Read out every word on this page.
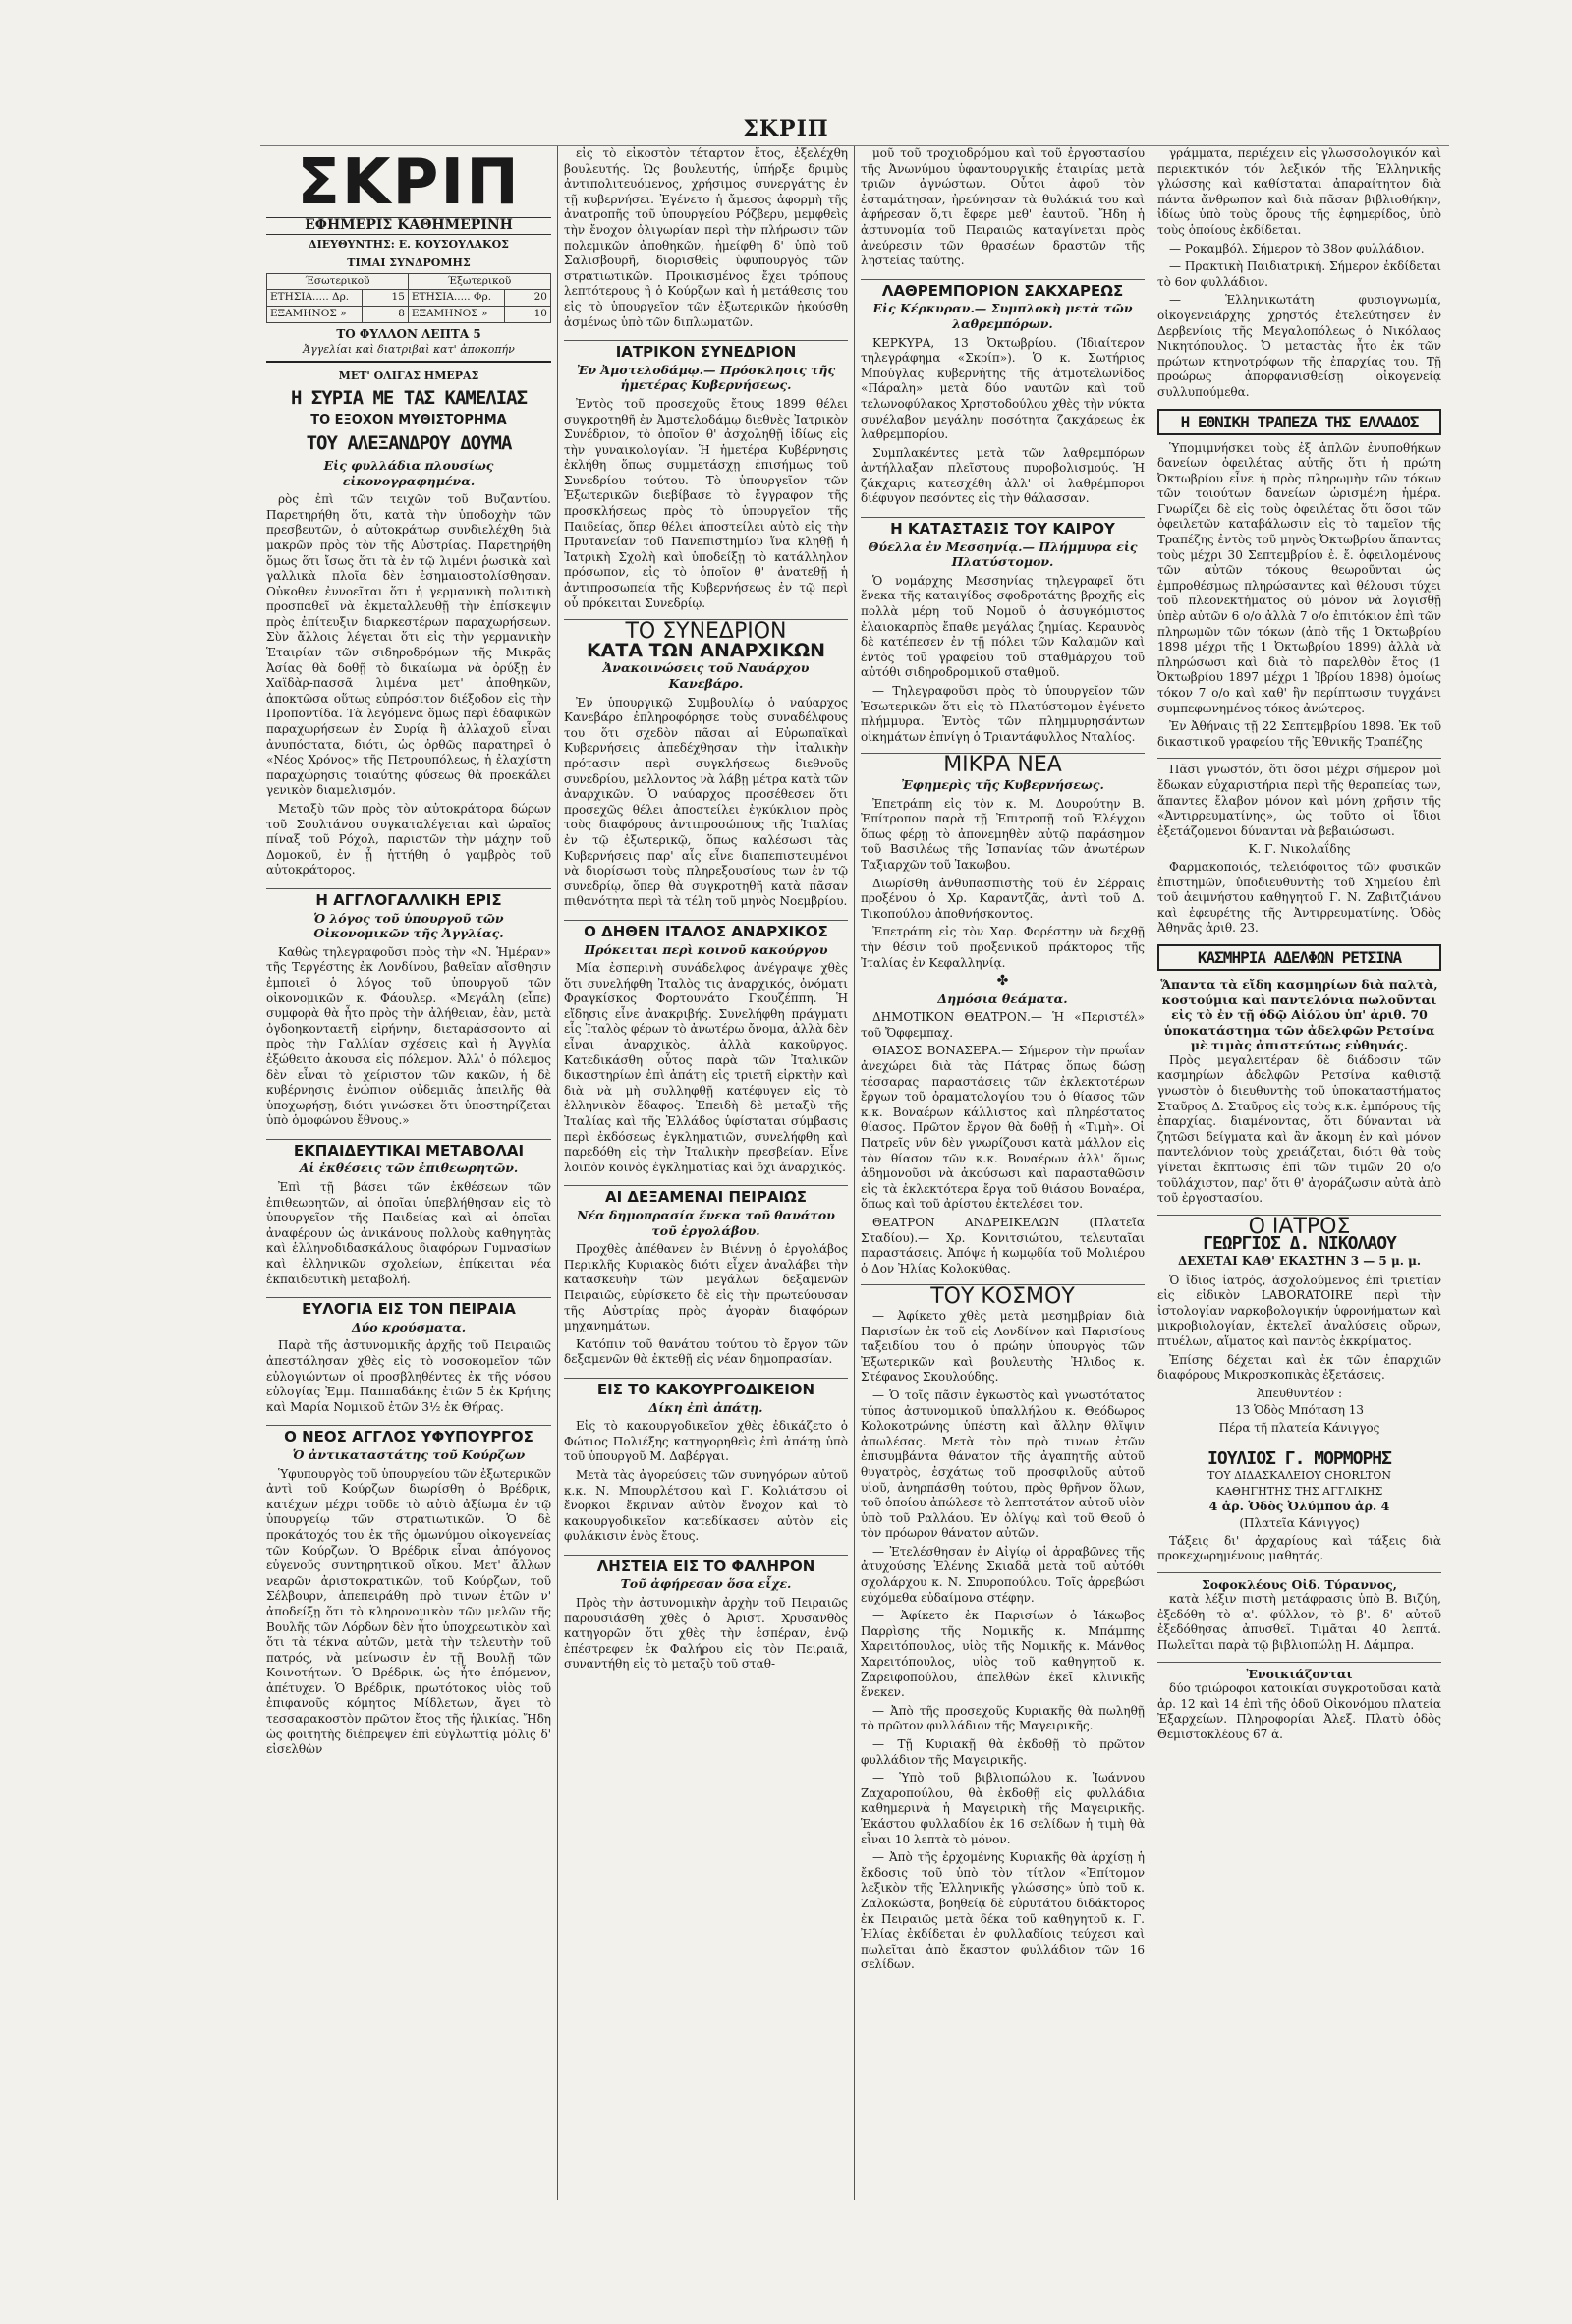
ΣΚΡΙΠ
ΣΚΡΙΠ
ΕΦΗΜΕΡΙΣ ΚΑΘΗΜΕΡΙΝΗ
ΔΙΕΥΘΥΝΤΗΣ: Ε. ΚΟΥΣΟΥΛΑΚΟΣ
ΤΙΜΑΙ ΣΥΝΔΡΟΜΗΣ
Έσωτερικοῦ		Έξωτερικοῦ	
ΕΤΗΣΙΑ..... Δρ.	15	ΕΤΗΣΙΑ..... Φρ.	20
ΕΞΑΜΗΝΟΣ »	8	ΕΞΑΜΗΝΟΣ »	10
ΤΟ ΦΥΛΛΟΝ ΛΕΠΤΑ 5
Ἀγγελίαι καὶ διατριβαὶ κατ' ἀποκοπήν
ΜΕΤ' ΟΛΙΓΑΣ ΗΜΕΡΑΣ
Η ΣΥΡΙΑ ΜΕ ΤΑΣ ΚΑΜΕΛΙΑΣ
ΤΟ ΕΞΟΧΟΝ ΜΥΘΙΣΤΟΡΗΜΑ
ΤΟΥ ΑΛΕΞΑΝΔΡΟΥ ΔΟΥΜΑ
Εἰς φυλλάδια πλουσίως εἰκονογραφημένα.

ρὸς ἐπὶ τῶν τειχῶν τοῦ Βυζαντίου. Παρετηρήθη ὅτι, κατὰ τὴν ὑποδοχὴν τῶν πρεσβευτῶν, ὁ αὐτοκράτωρ συνδιελέχθη διὰ μακρῶν πρὸς τὸν τῆς Αὐστρίας. Παρετηρήθη ὅμως ὅτι ἴσως ὅτι τὰ ἐν τῷ λιμένι ῥωσικὰ καὶ γαλλικὰ πλοῖα δὲν ἐσημαιοστολίσθησαν. Οὐκοθεν ἐννοεῖται ὅτι ἡ γερμανικὴ πολιτικὴ προσπαθεῖ νὰ ἐκμεταλλευθῇ τὴν ἐπίσκεψιν πρὸς ἐπίτευξιν διαρκεστέρων παραχωρήσεων. Σὺν ἄλλοις λέγεται ὅτι εἰς τὴν γερμανικὴν Ἑταιρίαν τῶν σιδηροδρόμων τῆς Μικρᾶς Ἀσίας θὰ δοθῇ τὸ δικαίωμα νὰ ὀρύξῃ ἐν Χαϊδὰρ-πασσᾶ λιμένα μετ' ἀποθηκῶν, ἀποκτῶσα οὕτως εὐπρόσιτον διέξοδον εἰς τὴν Προποντίδα. Τὰ λεγόμενα ὅμως περὶ ἐδαφικῶν παραχωρήσεων ἐν Συρίᾳ ἢ ἀλλαχοῦ εἶναι ἀνυπόστατα, διότι, ὡς ὀρθῶς παρατηρεῖ ὁ «Νέος Χρόνος» τῆς Πετρουπόλεως, ἡ ἐλαχίστη παραχώρησις τοιαύτης φύσεως θὰ προεκάλει γενικὸν διαμελισμόν.

Μεταξὺ τῶν πρὸς τὸν αὐτοκράτορα δώρων τοῦ Σουλτάνου συγκαταλέγεται καὶ ὡραῖος πίναξ τοῦ Ρόχολ, παριστῶν τὴν μάχην τοῦ Δομοκοῦ, ἐν ᾗ ἡττήθη ὁ γαμβρὸς τοῦ αὐτοκράτορος.

Η ΑΓΓΛΟΓΑΛΛΙΚΗ ΕΡΙΣ
Ὁ λόγος τοῦ ὑπουργοῦ τῶν Οἰκονομικῶν τῆς Ἀγγλίας.

Καθὼς τηλεγραφοῦσι πρὸς τὴν «Ν. Ἡμέραν» τῆς Τεργέστης ἐκ Λονδίνου, βαθεῖαν αἴσθησιν ἐμποιεῖ ὁ λόγος τοῦ ὑπουργοῦ τῶν οἰκονομικῶν κ. Φάουλερ. «Μεγάλη (εἶπε) συμφορὰ θὰ ἦτο πρὸς τὴν ἀλήθειαν, ἐὰν, μετὰ ὀγδοηκονταετῆ εἰρήνην, διεταράσσοντο αἱ πρὸς τὴν Γαλλίαν σχέσεις καὶ ἡ Ἀγγλία ἐξώθειτο ἀκουσα εἰς πόλεμον. Ἀλλ' ὁ πόλεμος δὲν εἶναι τὸ χείριστον τῶν κακῶν, ἡ δὲ κυβέρνησις ἐνώπιον οὐδεμιᾶς ἀπειλῆς θὰ ὑποχωρήσῃ, διότι γινώσκει ὅτι ὑποστηρίζεται ὑπὸ ὁμοφώνου ἔθνους.»

ΕΚΠΑΙΔΕΥΤΙΚΑΙ ΜΕΤΑΒΟΛΑΙ
Αἱ ἐκθέσεις τῶν ἐπιθεωρητῶν.

Ἐπὶ τῇ βάσει τῶν ἐκθέσεων τῶν ἐπιθεωρητῶν, αἱ ὁποῖαι ὑπεβλήθησαν εἰς τὸ ὑπουργεῖον τῆς Παιδείας καὶ αἱ ὁποῖαι ἀναφέρουν ὡς ἀνικάνους πολλοὺς καθηγητὰς καὶ ἑλληνοδιδασκάλους διαφόρων Γυμνασίων καὶ ἑλληνικῶν σχολείων, ἐπίκειται νέα ἐκπαιδευτικὴ μεταβολή.

ΕΥΛΟΓΙΑ ΕΙΣ ΤΟΝ ΠΕΙΡΑΙΑ
Δύο κρούσματα.

Παρὰ τῆς ἀστυνομικῆς ἀρχῆς τοῦ Πειραιῶς ἀπεστάλησαν χθὲς εἰς τὸ νοσοκομεῖον τῶν εὐλογιώντων οἱ προσβληθέντες ἐκ τῆς νόσου εὐλογίας Ἐμμ. Παππαδάκης ἐτῶν 5 ἐκ Κρήτης καὶ Μαρία Νομικοῦ ἐτῶν 3½ ἐκ Θήρας.

Ο ΝΕΟΣ ΑΓΓΛΟΣ ΥΦΥΠΟΥΡΓΟΣ
Ὁ ἀντικαταστάτης τοῦ Κούρζων

Ὑφυπουργὸς τοῦ ὑπουργείου τῶν ἐξωτερικῶν ἀντὶ τοῦ Κούρζων διωρίσθη ὁ Βρέδρικ, κατέχων μέχρι τοῦδε τὸ αὐτὸ ἀξίωμα ἐν τῷ ὑπουργείῳ τῶν στρατιωτικῶν. Ὁ δὲ προκάτοχός του ἐκ τῆς ὁμωνύμου οἰκογενείας τῶν Κούρζων. Ὁ Βρέδρικ εἶναι ἀπόγονος εὐγενοῦς συντηρητικοῦ οἴκου. Μετ' ἄλλων νεαρῶν ἀριστοκρατικῶν, τοῦ Κούρζων, τοῦ Σέλβουρν, ἀπεπειράθη πρὸ τινων ἐτῶν ν' ἀποδείξῃ ὅτι τὸ κληρονομικὸν τῶν μελῶν τῆς Βουλῆς τῶν Λόρδων δὲν ἦτο ὑποχρεωτικὸν καὶ ὅτι τὰ τέκνα αὐτῶν, μετὰ τὴν τελευτὴν τοῦ πατρός, νὰ μείνωσιν ἐν τῇ Βουλῇ τῶν Κοινοτήτων. Ὁ Βρέδρικ, ὡς ἦτο ἑπόμενον, ἀπέτυχεν. Ὁ Βρέδρικ, πρωτότοκος υἱὸς τοῦ ἐπιφανοῦς κόμητος Μίδλετων, ἄγει τὸ τεσσαρακοστὸν πρῶτον ἔτος τῆς ἡλικίας. Ἤδη ὡς φοιτητὴς διέπρεψεν ἐπὶ εὐγλωττίᾳ μόλις δ' εἰσελθὼν

εἰς τὸ εἰκοστὸν τέταρτον ἔτος, ἐξελέχθη βουλευτής. Ὡς βουλευτής, ὑπήρξε δριμὺς ἀντιπολιτευόμενος, χρήσιμος συνεργάτης ἐν τῇ κυβερνήσει. Ἐγένετο ἡ ἄμεσος ἀφορμὴ τῆς ἀνατροπῆς τοῦ ὑπουργείου Ρόζβερυ, μεμφθεὶς τὴν ἔνοχον ὀλιγωρίαν περὶ τὴν πλήρωσιν τῶν πολεμικῶν ἀποθηκῶν, ἡμείφθη δ' ὑπὸ τοῦ Σαλισβουρῆ, διορισθεὶς ὑφυπουργὸς τῶν στρατιωτικῶν. Προικισμένος ἔχει τρόπους λεπτότερους ἢ ὁ Κούρζων καὶ ἡ μετάθεσις του εἰς τὸ ὑπουργεῖον τῶν ἐξωτερικῶν ἠκούσθη ἀσμένως ὑπὸ τῶν διπλωματῶν.

ΙΑΤΡΙΚΟΝ ΣΥΝΕΔΡΙΟΝ
Ἐν Ἀμστελοδάμῳ.— Πρόσκλησις τῆς ἡμετέρας Κυβερνήσεως.

Ἐντὸς τοῦ προσεχοῦς ἔτους 1899 θέλει συγκροτηθῆ ἐν Ἀμστελοδάμῳ διεθνὲς Ἰατρικὸν Συνέδριον, τὸ ὁποῖον θ' ἀσχοληθῇ ἰδίως εἰς τὴν γυναικολογίαν. Ἡ ἡμετέρα Κυβέρνησις ἐκλήθη ὅπως συμμετάσχῃ ἐπισήμως τοῦ Συνεδρίου τούτου. Τὸ ὑπουργεῖον τῶν Ἐξωτερικῶν διεβίβασε τὸ ἔγγραφον τῆς προσκλήσεως πρὸς τὸ ὑπουργεῖον τῆς Παιδείας, ὅπερ θέλει ἀποστείλει αὐτὸ εἰς τὴν Πρυτανείαν τοῦ Πανεπιστημίου ἵνα κληθῇ ἡ Ἰατρικὴ Σχολὴ καὶ ὑποδείξῃ τὸ κατάλληλον πρόσωπον, εἰς τὸ ὁποῖον θ' ἀνατεθῇ ἡ ἀντιπροσωπεία τῆς Κυβερνήσεως ἐν τῷ περὶ οὗ πρόκειται Συνεδρίῳ.

ΤΟ ΣΥΝΕΔΡΙΟΝ
ΚΑΤΑ ΤΩΝ ΑΝΑΡΧΙΚΩΝ
Ἀνακοινώσεις τοῦ Ναυάρχου Κανεβάρο.

Ἐν ὑπουργικῷ Συμβουλίῳ ὁ ναύαρχος Κανεβάρο ἐπληροφόρησε τοὺς συναδέλφους του ὅτι σχεδὸν πᾶσαι αἱ Εὐρωπαϊκαὶ Κυβερνήσεις ἀπεδέχθησαν τὴν ἰταλικὴν πρότασιν περὶ συγκλήσεως διεθνοῦς συνεδρίου, μελλοντος νὰ λάβῃ μέτρα κατὰ τῶν ἀναρχικῶν. Ὁ ναύαρχος προσέθεσεν ὅτι προσεχῶς θέλει ἀποστείλει ἐγκύκλιον πρὸς τοὺς διαφόρους ἀντιπροσώπους τῆς Ἰταλίας ἐν τῷ ἐξωτερικῷ, ὅπως καλέσωσι τὰς Κυβερνήσεις παρ' αἷς εἶνε διαπεπιστευμένοι νὰ διορίσωσι τοὺς πληρεξουσίους των ἐν τῷ συνεδρίῳ, ὅπερ θὰ συγκροτηθῇ κατὰ πᾶσαν πιθανότητα περὶ τὰ τέλη τοῦ μηνὸς Νοεμβρίου.

Ο ΔΗΘΕΝ ΙΤΑΛΟΣ ΑΝΑΡΧΙΚΟΣ
Πρόκειται περὶ κοινοῦ κακούργου

Μία ἐσπερινὴ συνάδελφος ἀνέγραψε χθὲς ὅτι συνελήφθη Ἰταλὸς τις ἀναρχικός, ὀνόματι Φραγκίσκος Φορτουνάτο Γκουζέππη. Ἡ εἴδησις εἶνε ἀνακριβής. Συνελήφθη πράγματι εἷς Ἰταλὸς φέρων τὸ ἀνωτέρω ὄνομα, ἀλλὰ δὲν εἶναι ἀναρχικὸς, ἀλλὰ κακοῦργος. Κατεδικάσθη οὗτος παρὰ τῶν Ἰταλικῶν δικαστηρίων ἐπὶ ἀπάτῃ εἰς τριετῆ εἱρκτὴν καὶ διὰ νὰ μὴ συλληφθῇ κατέφυγεν εἰς τὸ ἑλληνικὸν ἔδαφος. Ἐπειδὴ δὲ μεταξὺ τῆς Ἰταλίας καὶ τῆς Ἑλλάδος ὑφίσταται σύμβασις περὶ ἐκδόσεως ἐγκληματιῶν, συνελήφθη καὶ παρεδόθη εἰς τὴν Ἰταλικὴν πρεσβείαν. Εἶνε λοιπὸν κοινὸς ἐγκληματίας καὶ ὄχι ἀναρχικός.

ΑΙ ΔΕΞΑΜΕΝΑΙ ΠΕΙΡΑΙΩΣ
Νέα δημοπρασία ἕνεκα τοῦ θανάτου τοῦ ἐργολάβου.

Προχθὲς ἀπέθανεν ἐν Βιέννῃ ὁ ἐργολάβος Περικλῆς Κυριακὸς διότι εἶχεν ἀναλάβει τὴν κατασκευὴν τῶν μεγάλων δεξαμενῶν Πειραιῶς, εὑρίσκετο δὲ εἰς τὴν πρωτεύουσαν τῆς Αὐστρίας πρὸς ἀγορὰν διαφόρων μηχανημάτων.

Κατόπιν τοῦ θανάτου τούτου τὸ ἔργον τῶν δεξαμενῶν θὰ ἐκτεθῇ εἰς νέαν δημοπρασίαν.

ΕΙΣ ΤΟ ΚΑΚΟΥΡΓΟΔΙΚΕΙΟΝ
Δίκη ἐπὶ ἀπάτῃ.

Εἰς τὸ κακουργοδικεῖον χθὲς ἐδικάζετο ὁ Φώτιος Πολιέξης κατηγορηθεὶς ἐπὶ ἀπάτῃ ὑπὸ τοῦ ὑπουργοῦ Μ. Δαβέργαι.

Μετὰ τὰς ἀγορεύσεις τῶν συνηγόρων αὐτοῦ κ.κ. Ν. Μπουρλέτσου καὶ Γ. Κολιάτσου οἱ ἔνορκοι ἔκριναν αὐτὸν ἔνοχον καὶ τὸ κακουργοδικεῖον κατεδίκασεν αὐτὸν εἰς φυλάκισιν ἑνὸς ἔτους.

ΛΗΣΤΕΙΑ ΕΙΣ ΤΟ ΦΑΛΗΡΟΝ
Τοῦ ἀφήρεσαν ὅσα εἶχε.

Πρὸς τὴν ἀστυνομικὴν ἀρχὴν τοῦ Πειραιῶς παρουσιάσθη χθὲς ὁ Ἀριστ. Χρυσανθὸς κατηγορῶν ὅτι χθὲς τὴν ἑσπέραν, ἐνῷ ἐπέστρεφεν ἐκ Φαλήρου εἰς τὸν Πειραιᾶ, συναντήθη εἰς τὸ μεταξὺ τοῦ σταθ-

μοῦ τοῦ τροχιοδρόμου καὶ τοῦ ἐργοστασίου τῆς Ἀνωνύμου ὑφαντουργικῆς ἑταιρίας μετὰ τριῶν ἀγνώστων. Οὗτοι ἀφοῦ τὸν ἐσταμάτησαν, ἠρεύνησαν τὰ θυλάκιά του καὶ ἀφήρεσαν ὅ,τι ἔφερε μεθ' ἑαυτοῦ. Ἤδη ἡ ἀστυνομία τοῦ Πειραιῶς καταγίνεται πρὸς ἀνεύρεσιν τῶν θρασέων δραστῶν τῆς ληστείας ταύτης.

ΛΑΘΡΕΜΠΟΡΙΟΝ ΣΑΚΧΑΡΕΩΣ
Εἰς Κέρκυραν.— Συμπλοκὴ μετὰ τῶν λαθρεμπόρων.

ΚΕΡΚΥΡΑ, 13 Ὀκτωβρίου. (Ἰδιαίτερον τηλεγράφημα «Σκρίπ»). Ὁ κ. Σωτήριος Μπούγλας κυβερνήτης τῆς ἀτμοτελωνίδος «Πάραλη» μετὰ δύο ναυτῶν καὶ τοῦ τελωνοφύλακος Χρηστοδούλου χθὲς τὴν νύκτα συνέλαβον μεγάλην ποσότητα ζακχάρεως ἐκ λαθρεμπορίου.

Συμπλακέντες μετὰ τῶν λαθρεμπόρων ἀντήλλαξαν πλεῖστους πυροβολισμούς. Ἡ ζάκχαρις κατεσχέθη ἀλλ' οἱ λαθρέμποροι διέφυγον πεσόντες εἰς τὴν θάλασσαν.

Η ΚΑΤΑΣΤΑΣΙΣ ΤΟΥ ΚΑΙΡΟΥ
Θύελλα ἐν Μεσσηνίᾳ.— Πλήμμυρα εἰς Πλατύστομον.

Ὁ νομάρχης Μεσσηνίας τηλεγραφεῖ ὅτι ἕνεκα τῆς καταιγίδος σφοδροτάτης βροχῆς εἰς πολλὰ μέρη τοῦ Νομοῦ ὁ ἀσυγκόμιστος ἐλαιοκαρπὸς ἔπαθε μεγάλας ζημίας. Κεραυνὸς δὲ κατέπεσεν ἐν τῇ πόλει τῶν Καλαμῶν καὶ ἐντὸς τοῦ γραφείου τοῦ σταθμάρχου τοῦ αὐτόθι σιδηροδρομικοῦ σταθμοῦ.

— Τηλεγραφοῦσι πρὸς τὸ ὑπουργεῖον τῶν Ἐσωτερικῶν ὅτι εἰς τὸ Πλατύστομον ἐγένετο πλήμμυρα. Ἐντὸς τῶν πλημμυρησάντων οἰκημάτων ἐπνίγη ὁ Τριαντάφυλλος Νταλίος.

ΜΙΚΡΑ ΝΕΑ
Ἐφημερὶς τῆς Κυβερνήσεως.

Ἐπετράπη εἰς τὸν κ. Μ. Δουρούτην Β. Ἐπίτροπον παρὰ τῇ Ἐπιτροπῇ τοῦ Ἐλέγχου ὅπως φέρῃ τὸ ἀπονεμηθὲν αὐτῷ παράσημον τοῦ Βασιλέως τῆς Ἰσπανίας τῶν ἀνωτέρων Ταξιαρχῶν τοῦ Ἰακωβου.

Διωρίσθη ἀνθυπασπιστὴς τοῦ ἐν Σέρραις προξένου ὁ Χρ. Καραντζᾶς, ἀντὶ τοῦ Δ. Τικοπούλου ἀποθνήσκοντος.

Ἐπετράπη εἰς τὸν Χαρ. Φορέστην νὰ δεχθῇ τὴν θέσιν τοῦ προξενικοῦ πράκτορος τῆς Ἰταλίας ἐν Κεφαλληνίᾳ.

✤
Δημόσια θεάματα.

ΔΗΜΟΤΙΚΟΝ ΘΕΑΤΡΟΝ.— Ἡ «Περιστέλ» τοῦ Ὄφφεμπαχ.

ΘΙΑΣΟΣ ΒΟΝΑΣΕΡΑ.— Σήμερον τὴν πρωΐαν ἀνεχώρει διὰ τὰς Πάτρας ὅπως δώσῃ τέσσαρας παραστάσεις τῶν ἐκλεκτοτέρων ἔργων τοῦ ὀραματολογίου του ὁ θίασος τῶν κ.κ. Βοναέρων κάλλιστος καὶ πληρέστατος θίασος. Πρῶτον ἔργον θὰ δοθῇ ἡ «Τιμὴ». Οἱ Πατρεῖς νῦν δὲν γνωρίζουσι κατὰ μάλλον εἰς τὸν θίασον τῶν κ.κ. Βοναέρων ἀλλ' ὅμως ἀδημονοῦσι νὰ ἀκούσωσι καὶ παρασταθῶσιν εἰς τὰ ἐκλεκτότερα ἔργα τοῦ θιάσου Βοναέρα, ὅπως καὶ τοῦ ἀρίστου ἐκτελέσει τον.

ΘΕΑΤΡΟΝ ΑΝΔΡΕΙΚΕΛΩΝ (Πλατεῖα Σταδίου).— Χρ. Κονιτσιώτου, τελευταῖαι παραστάσεις. Ἀπόψε ἡ κωμῳδία τοῦ Μολιέρου ὁ Δον Ἠλίας Κολοκύθας.

ΤΟΥ ΚΟΣΜΟΥ

— Ἀφίκετο χθὲς μετὰ μεσημβρίαν διὰ Παρισίων ἐκ τοῦ εἰς Λονδίνον καὶ Παρισίους ταξειδίου του ὁ πρώην ὑπουργὸς τῶν Ἐξωτερικῶν καὶ βουλευτὴς Ἠλιδος κ. Στέφανος Σκουλούδης.

— Ὁ τοῖς πᾶσιν ἐγκωστὸς καὶ γνωστότατος τύπος ἀστυνομικοῦ ὑπαλλήλου κ. Θεόδωρος Κολοκοτρώνης ὑπέστη καὶ ἄλλην θλῖψιν ἀπωλέσας. Μετὰ τὸν πρὸ τινων ἐτῶν ἐπισυμβάντα θάνατον τῆς ἀγαπητῆς αὐτοῦ θυγατρὸς, ἐσχάτως τοῦ προσφιλοῦς αὐτοῦ υἱοῦ, ἀνηρπάσθη τούτου, πρὸς θρῆνον ὅλων, τοῦ ὁποίου ἀπώλεσε τὸ λεπτοτάτον αὐτοῦ υἱὸν ὑπὸ τοῦ Ραλλάου. Ἐν ὀλίγῳ καὶ τοῦ Θεοῦ ὁ τὸν πρόωρον θάνατον αὐτῶν.

— Ἐτελέσθησαν ἐν Αἰγίῳ οἱ ἀρραβῶνες τῆς ἀτυχούσης Ἑλένης Σκιαδᾶ μετὰ τοῦ αὐτόθι σχολάρχου κ. Ν. Σπυροπούλου. Τοῖς ἀρρεβώσι εὐχόμεθα εὐδαίμονα στέφην.

— Ἀφίκετο ἐκ Παρισίων ὁ Ἰάκωβος Παρρὶσης τῆς Νομικῆς κ. Μπάμπης Χαρειτόπουλος, υἱὸς τῆς Νομικῆς κ. Μάνθος Χαρειτόπουλος, υἱὸς τοῦ καθηγητοῦ κ. Ζαρειφοπούλου, ἀπελθὼν ἐκεῖ κλινικῆς ἕνεκεν.

— Ἀπὸ τῆς προσεχοῦς Κυριακῆς θὰ πωληθῇ τὸ πρῶτον φυλλάδιον τῆς Μαγειρικῆς.

— Τῇ Κυριακῇ θὰ ἐκδοθῇ τὸ πρῶτον φυλλάδιον τῆς Μαγειρικῆς.

— Ὑπὸ τοῦ βιβλιοπώλου κ. Ἰωάννου Ζαχαροπούλου, θὰ ἐκδοθῇ εἰς φυλλάδια καθημερινὰ ἡ Μαγειρικὴ τῆς Μαγειρικῆς. Ἑκάστου φυλλαδίου ἐκ 16 σελίδων ἡ τιμὴ θὰ εἶναι 10 λεπτὰ τὸ μόνον.

— Ἀπὸ τῆς ἐρχομένης Κυριακῆς θὰ ἀρχίσῃ ἡ ἔκδοσις τοῦ ὑπὸ τὸν τίτλον «Ἐπίτομον λεξικὸν τῆς Ἑλληνικῆς γλώσσης» ὑπὸ τοῦ κ. Ζαλοκώστα, βοηθείᾳ δὲ εὐρυτάτου διδάκτορος ἐκ Πειραιῶς μετὰ δέκα τοῦ καθηγητοῦ κ. Γ. Ἠλίας ἐκδίδεται ἐν φυλλαδίοις τεύχεσι καὶ πωλεῖται ἀπὸ ἔκαστον φυλλάδιον τῶν 16 σελίδων.

γράμματα, περιέχειν εἰς γλωσσολογικόν καὶ περιεκτικόν τόν λεξικόν τῆς Ἑλληνικῆς γλώσσης καὶ καθίσταται ἀπαραίτητον διὰ πάντα ἄνθρωπον καὶ διὰ πᾶσαν βιβλιοθήκην, ἰδίως ὑπὸ τοὺς ὅρους τῆς ἐφημερίδος, ὑπὸ τοὺς ὁποίους ἐκδίδεται.

— Ροκαμβόλ. Σήμερον τὸ 38ον φυλλάδιον.

— Πρακτικὴ Παιδιατρική. Σήμερον ἐκδίδεται τὸ 6ον φυλλάδιον.

— Ἑλληνικωτάτη φυσιογνωμία, οἰκογενειάρχης χρηστός ἐτελεύτησεν ἐν Δερβενίοις τῆς Μεγαλοπόλεως ὁ Νικόλαος Νικητόπουλος. Ὁ μεταστὰς ἦτο ἐκ τῶν πρώτων κτηνοτρόφων τῆς ἐπαρχίας του. Τῇ προώρως ἀπορφανισθείσῃ οἰκογενείᾳ συλλυπούμεθα.

Η ΕΘΝΙΚΗ ΤΡΑΠΕΖΑ ΤΗΣ ΕΛΛΑΔΟΣ

Ὑπομιμνήσκει τοὺς ἐξ ἀπλῶν ἐνυποθήκων δανείων ὀφειλέτας αὐτῆς ὅτι ἡ πρώτη Ὀκτωβρίου εἶνε ἡ πρὸς πληρωμὴν τῶν τόκων τῶν τοιούτων δανείων ὡρισμένη ἡμέρα. Γνωρίζει δὲ εἰς τοὺς ὀφειλέτας ὅτι ὅσοι τῶν ὀφειλετῶν καταβάλωσιν εἰς τὸ ταμεῖον τῆς Τραπέζης ἐντὸς τοῦ μηνὸς Ὀκτωβρίου ἅπαντας τοὺς μέχρι 30 Σεπτεμβρίου ἐ. ἔ. ὀφειλομένους τῶν αὐτῶν τόκους θεωροῦνται ὡς ἐμπροθέσμως πληρώσαντες καὶ θέλουσι τύχει τοῦ πλεονεκτήματος οὐ μόνον νὰ λογισθῇ ὑπὲρ αὐτῶν 6 ο/ο ἀλλὰ 7 ο/ο ἐπιτόκιον ἐπὶ τῶν πληρωμῶν τῶν τόκων (ἀπὸ τῆς 1 Ὀκτωβρίου 1898 μέχρι τῆς 1 Ὀκτωβρίου 1899) ἀλλὰ νὰ πληρώσωσι καὶ διὰ τὸ παρελθὸν ἔτος (1 Ὀκτωβρίου 1897 μέχρι 1 Ἰβρίου 1898) ὁμοίως τόκον 7 ο/ο καὶ καθ' ἣν περίπτωσιν τυγχάνει συμπεφωνημένος τόκος ἀνώτερος.

Ἐν Ἀθήναις τῇ 22 Σεπτεμβρίου 1898. Ἐκ τοῦ δικαστικοῦ γραφείου τῆς Ἐθνικῆς Τραπέζης

Πᾶσι γνωστόν, ὅτι ὅσοι μέχρι σήμερον μοὶ ἔδωκαν εὐχαριστήρια περὶ τῆς θεραπείας των, ἅπαντες ἔλαβον μόνον καὶ μόνη χρῆσιν τῆς «Ἀντιρρευματίνης», ὡς τοῦτο οἱ ἴδιοι ἐξετάζομενοι δύνανται νὰ βεβαιώσωσι.

Κ. Γ. Νικολαΐδης

Φαρμακοποιός, τελειόφοιτος τῶν φυσικῶν ἐπιστημῶν, ὑποδιευθυντὴς τοῦ Χημείου ἐπὶ τοῦ ἀειμνήστου καθηγητοῦ Γ. Ν. Ζαβιτζιάνου καὶ ἐφευρέτης τῆς Ἀντιρρευματίνης. Ὁδὸς Ἀθηνᾶς ἀριθ. 23.

ΚΑΣΜΗΡΙΑ ΑΔΕΛΦΩΝ ΡΕΤΣΙΝΑ
Ἅπαντα τὰ εἴδη κασμηρίων διὰ παλτὰ, κοστούμια καὶ παντελόνια πωλοῦνται εἰς τὸ ἐν τῇ ὁδῷ Αἰόλου ὑπ' ἀριθ. 70 ὑποκατάστημα τῶν ἀδελφῶν Ρετσίνα μὲ τιμὰς ἀπιστεύτως εὐθηνάς.

Πρὸς μεγαλειτέραν δὲ διάδοσιν τῶν κασμηρίων ἀδελφῶν Ρετσίνα καθιστᾷ γνωστὸν ὁ διευθυντὴς τοῦ ὑποκαταστήματος Σταῦρος Δ. Σταῦρος εἰς τοὺς κ.κ. ἐμπόρους τῆς ἐπαρχίας. διαμένοντας, ὅτι δύνανται νὰ ζητῶσι δείγματα καὶ ἂν ἄκομη ἐν καὶ μόνον παντελόνιον τοὺς χρειάζεται, διότι θὰ τοὺς γίνεται ἔκπτωσις ἐπὶ τῶν τιμῶν 20 ο/ο τοῦλάχιστον, παρ' ὅτι θ' ἀγοράζωσιν αὐτὰ ἀπὸ τοῦ ἐργοστασίου.

Ο ΙΑΤΡΟΣ
ΓΕΩΡΓΙΟΣ Δ. ΝΙΚΟΛΑΟΥ
ΔΕΧΕΤΑΙ ΚΑΘ' ΕΚΑΣΤΗΝ 3 — 5 μ. μ.

Ὁ ἴδιος ἰατρός, ἀσχολούμενος ἐπὶ τριετίαν εἰς εἰδικὸν LABORATOIRE περὶ τὴν ἰστολογίαν ναρκοβολογικήν ὑφρονήματων καὶ μικροβιολογίαν, ἐκτελεῖ ἀναλύσεις οὔρων, πτυέλων, αἵματος καὶ παντὸς ἐκκρίματος.

Ἐπίσης δέχεται καὶ ἐκ τῶν ἐπαρχιῶν διαφόρους Μικροσκοπικὰς ἐξετάσεις.

Ἀπευθυντέον :
13 Ὁδὸς Μπόταση 13
Πέρα τῆ πλατεία Κάνιγγος
ΙΟΥΛΙΟΣ Γ. ΜΟΡΜΟΡΗΣ
ΤΟΥ ΔΙΔΑΣΚΑΛΕΙΟΥ CHORLTON
ΚΑΘΗΓΗΤΗΣ ΤΗΣ ΑΓΓΛΙΚΗΣ
4 ἀρ. Ὁδὸς Ὀλύμπου ἀρ. 4
(Πλατεῖα Κάνιγγος)

Τάξεις δι' ἀρχαρίους καὶ τάξεις διὰ προκεχωρημένους μαθητάς.

Σοφοκλέους Οἰδ. Τύραννος,

κατὰ λέξιν πιστὴ μετάφρασις ὑπὸ Β. Βιζύη, ἐξεδόθη τὸ α'. φύλλον, τὸ β'. δ' αὐτοῦ ἐξεδόθησας ἀπυσθεῖ. Τιμᾶται 40 λεπτά. Πωλεῖται παρὰ τῷ βιβλιοπώλῃ Η. Δάμπρα.

Ἐνοικιάζονται

δύο τριώροφοι κατοικίαι συγκροτοῦσαι κατὰ ἀρ. 12 καὶ 14 ἐπὶ τῆς ὁδοῦ Οἰκονόμου πλατεία Ἐξαρχείων. Πληροφορίαι Ἀλεξ. Πλατὺ ὁδὸς Θεμιστοκλέους 67 ά.
